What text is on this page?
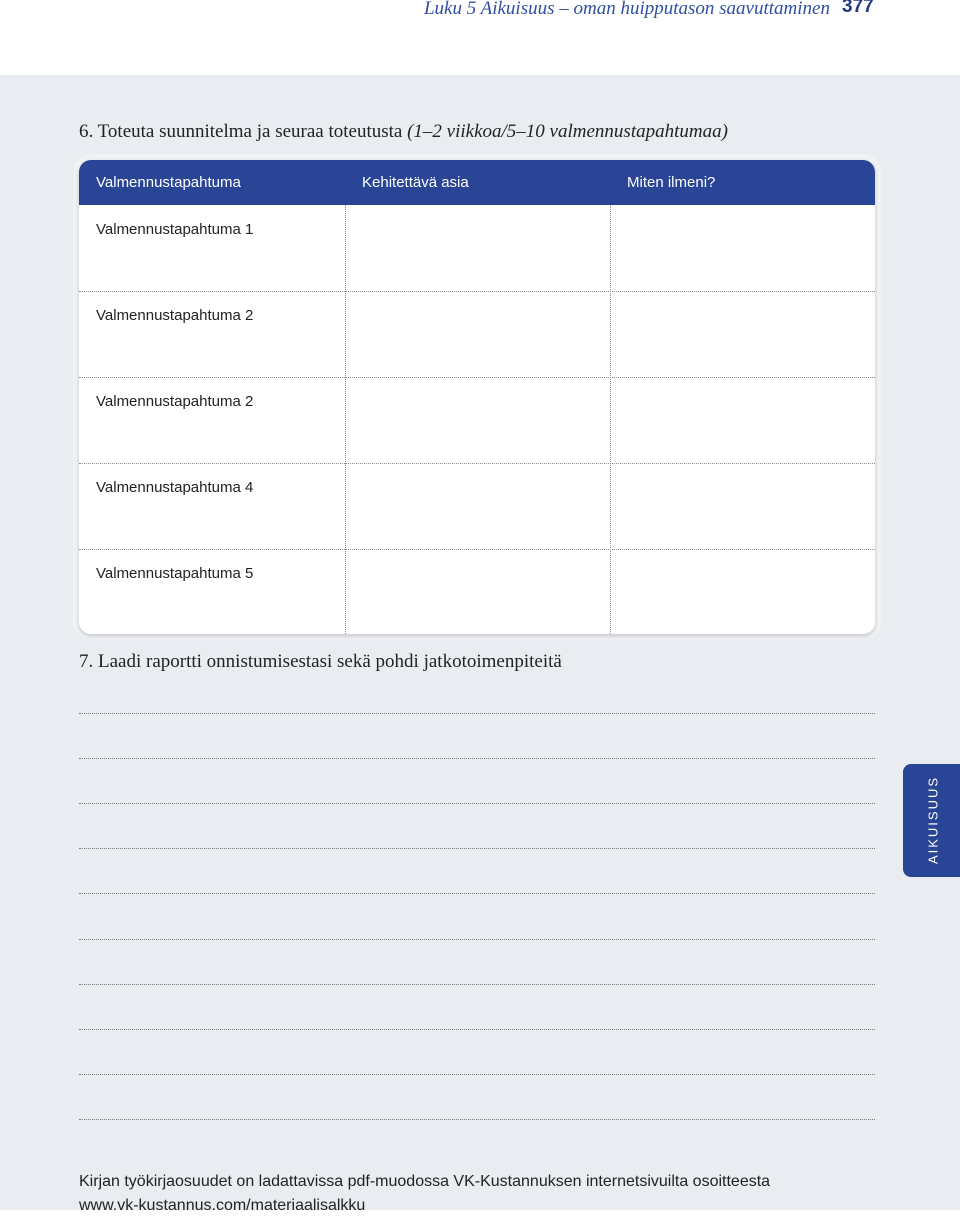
Luku 5 Aikuisuus – oman huipputason saavuttaminen 377
6. Toteuta suunnitelma ja seuraa toteutusta (1–2 viikkoa/5–10 valmennustapahtumaa)
Valmennustapahtuma	Kehitettävä asia	Miten ilmeni?
Valmennustapahtuma 1
Valmennustapahtuma 2
Valmennustapahtuma 2
Valmennustapahtuma 4
Valmennustapahtuma 5
7. Laadi raportti onnistumisestasi sekä pohdi jatkotoimenpiteitä
AIKUISUUS
Kirjan työkirjaosuudet on ladattavissa pdf-muodossa VK-Kustannuksen internetsivuilta osoitteesta
www.vk-kustannus.com/materiaalisalkku
